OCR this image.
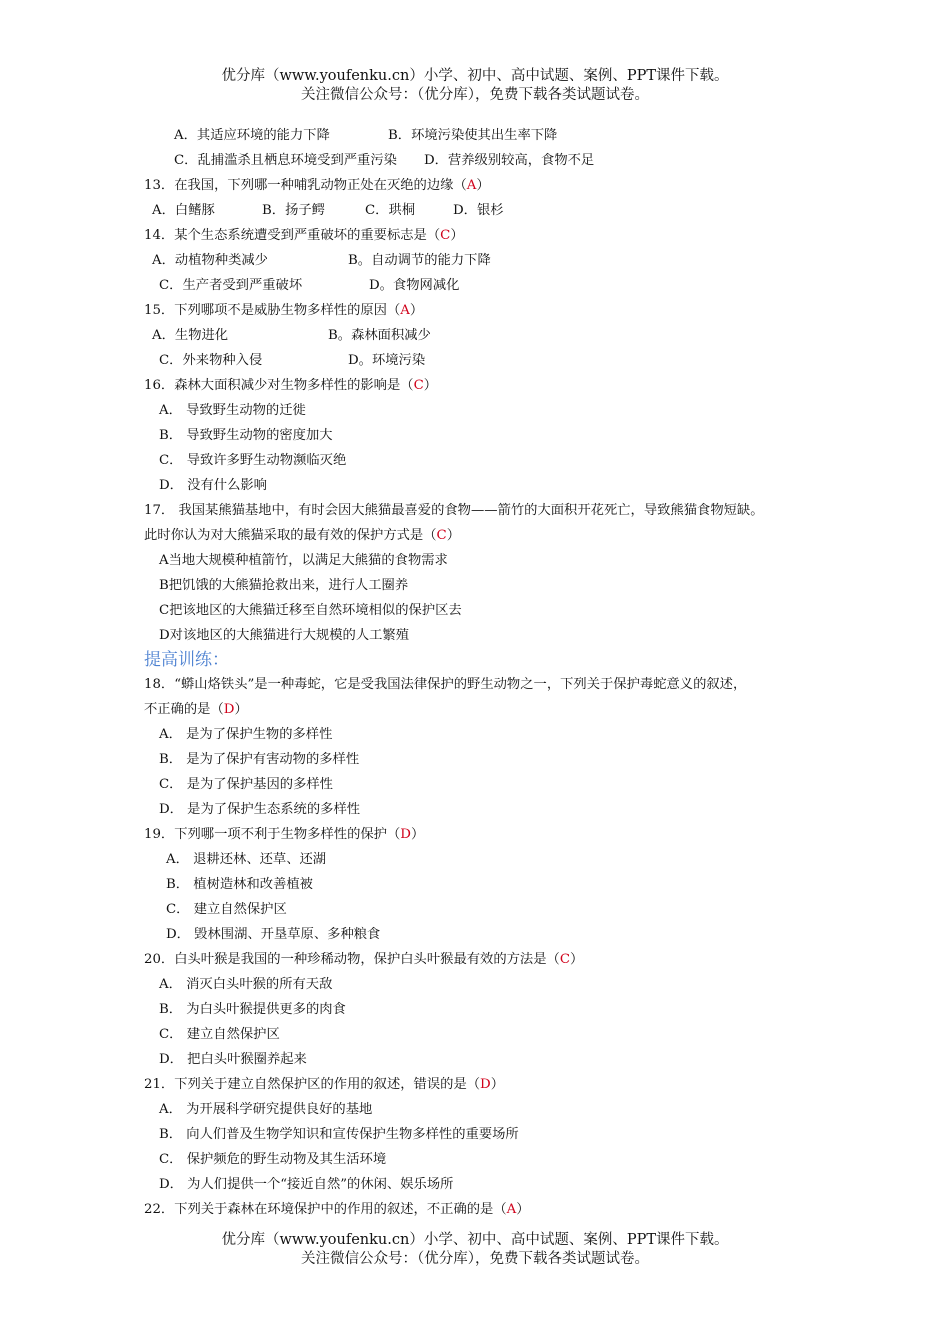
优分库（www.youfenku.cn）小学、初中、高中试题、案例、PPT课件下载。
关注微信公众号：（优分库），免费下载各类试题试卷。
A．其适应环境的能力下降	B．环境污染使其出生率下降
C．乱捕滥杀且栖息环境受到严重污染 D．营养级别较高，食物不足
13．在我国，下列哪一种哺乳动物正处在灭绝的边缘（A）
A．白鳍豚	B．扬子鳄	C．珙桐	D．银杉
14．某个生态系统遭受到严重破坏的重要标志是（C）
A．动植物种类减少	B。自动调节的能力下降
C．生产者受到严重破坏	D。食物网减化
15．下列哪项不是威胁生物多样性的原因（A）
A．生物进化	B。森林面积减少
C．外来物种入侵	D。环境污染
16．森林大面积减少对生物多样性的影响是（C）
A． 导致野生动物的迁徙
B． 导致野生动物的密度加大
C． 导致许多野生动物濒临灭绝
D． 没有什么影响
17． 我国某熊猫基地中，有时会因大熊猫最喜爱的食物——箭竹的大面积开花死亡，导致熊猫食物短缺。
此时你认为对大熊猫采取的最有效的保护方式是（C）
A当地大规模种植箭竹，以满足大熊猫的食物需求
B把饥饿的大熊猫抢救出来，进行人工圈养
C把该地区的大熊猫迁移至自然环境相似的保护区去
D对该地区的大熊猫进行大规模的人工繁殖
提高训练：
18．“蟒山烙铁头”是一种毒蛇，它是受我国法律保护的野生动物之一，下列关于保护毒蛇意义的叙述，
不正确的是（D）
A． 是为了保护生物的多样性
B． 是为了保护有害动物的多样性
C． 是为了保护基因的多样性
D． 是为了保护生态系统的多样性
19．下列哪一项不利于生物多样性的保护（D）
A． 退耕还林、还草、还湖
B． 植树造林和改善植被
C． 建立自然保护区
D． 毁林围湖、开垦草原、多种粮食
20．白头叶猴是我国的一种珍稀动物，保护白头叶猴最有效的方法是（C）
A． 消灭白头叶猴的所有天敌
B． 为白头叶猴提供更多的肉食
C． 建立自然保护区
D． 把白头叶猴圈养起来
21．下列关于建立自然保护区的作用的叙述，错误的是（D）
A． 为开展科学研究提供良好的基地
B． 向人们普及生物学知识和宣传保护生物多样性的重要场所
C． 保护频危的野生动物及其生活环境
D． 为人们提供一个“接近自然”的休闲、娱乐场所
22．下列关于森林在环境保护中的作用的叙述，不正确的是（A）
优分库（www.youfenku.cn）小学、初中、高中试题、案例、PPT课件下载。
关注微信公众号：（优分库），免费下载各类试题试卷。
